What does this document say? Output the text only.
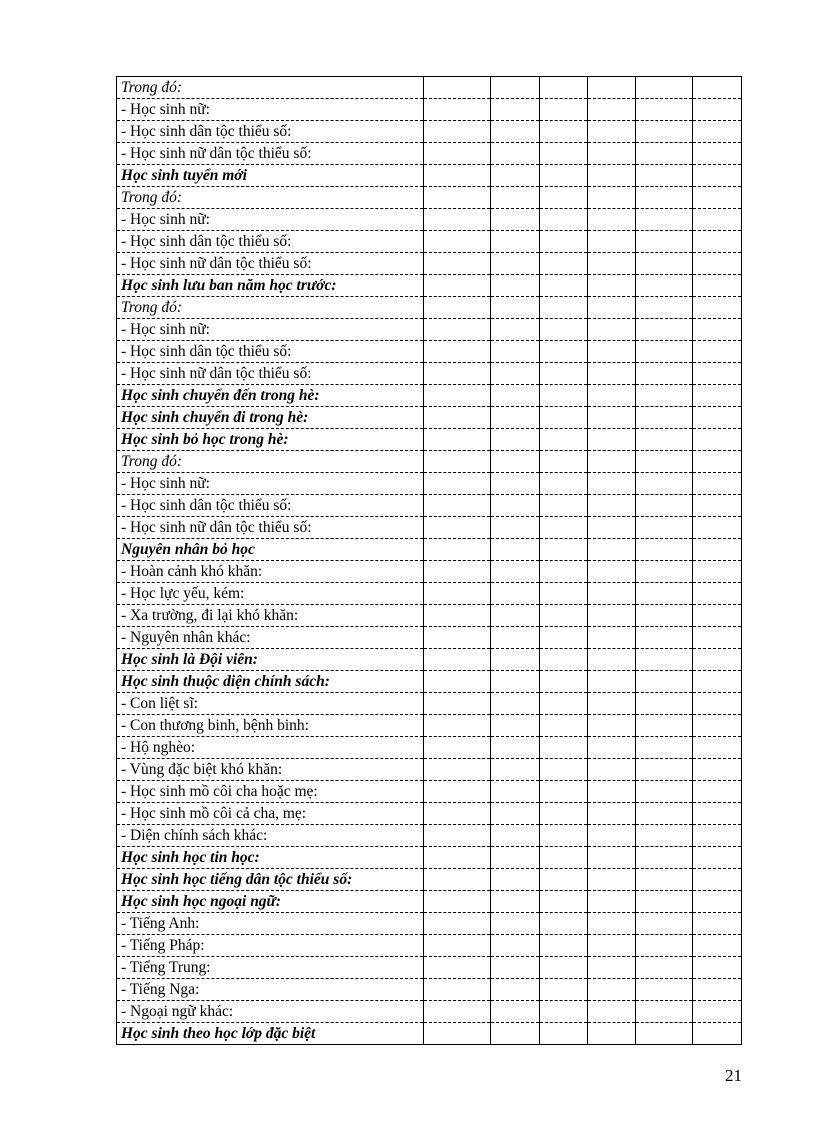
Trong đó:						
- Học sinh nữ:						
- Học sinh dân tộc thiểu số:						
- Học sinh nữ dân tộc thiểu số:						
Học sinh tuyển mới						
Trong đó:						
- Học sinh nữ:						
- Học sinh dân tộc thiểu số:						
- Học sinh nữ dân tộc thiểu số:						
Học sinh lưu ban năm học trước:						
Trong đó:						
- Học sinh nữ:						
- Học sinh dân tộc thiểu số:						
- Học sinh nữ dân tộc thiểu số:						
Học sinh chuyển đến trong hè:						
Học sinh chuyển đi trong hè:						
Học sinh bỏ học trong hè:						
Trong đó:						
- Học sinh nữ:						
- Học sinh dân tộc thiểu số:						
- Học sinh nữ dân tộc thiểu số:						
Nguyên nhân bỏ học						
- Hoàn cảnh khó khăn:						
- Học lực yếu, kém:						
- Xa trường, đi lại khó khăn:						
- Nguyên nhân khác:						
Học sinh là Đội viên:						
Học sinh thuộc diện chính sách:						
- Con liệt sĩ:						
- Con thương binh, bệnh binh:						
- Hộ nghèo:						
- Vùng đặc biệt khó khăn:						
- Học sinh mồ côi cha hoặc mẹ:						
- Học sinh mồ côi cả cha, mẹ:						
- Diện chính sách khác:						
Học sinh học tin học:						
Học sinh học tiếng dân tộc thiểu số:						
Học sinh học ngoại ngữ:						
- Tiếng Anh:						
- Tiếng Pháp:						
- Tiếng Trung:						
- Tiếng Nga:						
- Ngoại ngữ khác:						
Học sinh theo học lớp đặc biệt						
21
